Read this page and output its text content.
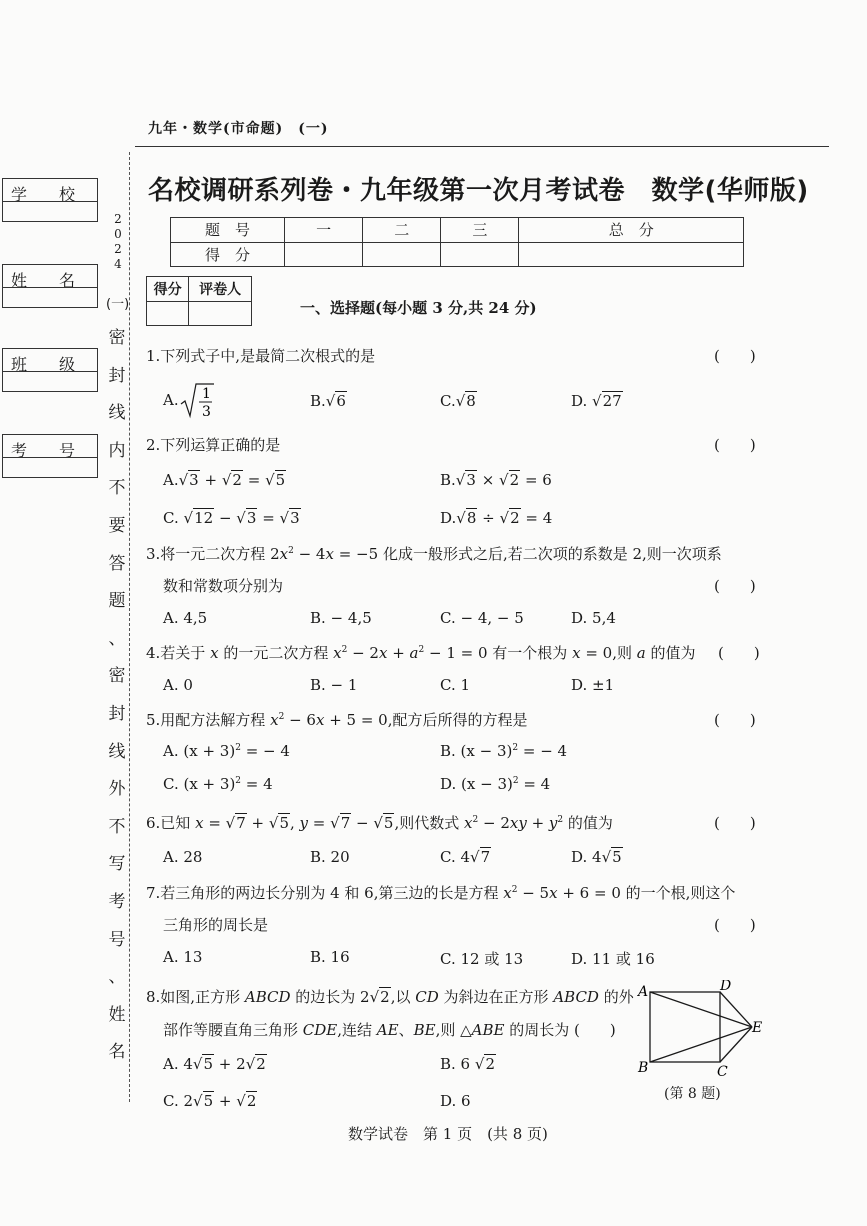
九年・数学(市命题)　(一)
学　　校
姓　　名
班　　级
考　　号
2
0
2
4
(一)
密
封
线
内
不
要
答
题
、
密
封
线
外
不
写
考
号
、
姓
名
名校调研系列卷・九年级第一次月考试卷　数学(华师版)
题　号	一	二	三	总　分
得　分				
得分	评卷人

一、选择题(每小题 3 分,共 24 分)
1.下列式子中,是最简二次根式的是	(　　)
A. 1
3
B.√6	C.√8	D. √27
2.下列运算正确的是	(　　)
A.√3 + √2 = √5	B.√3 × √2 = 6
C. √12 − √3 = √3	D.√8 ÷ √2 = 4
3.将一元二次方程 $2x^2 - 4x = -5$ 化成一般形式之后,若二次项的系数是 2,则一次项系
数和常数项分别为	(　　)
A. 4,5	B. − 4,5	C. − 4, − 5	D. 5,4
4.若关于 x 的一元二次方程 $x^2 - 2x + a^2 - 1 = 0$ 有一个根为 x = 0,则 a 的值为 (　　)
A. 0	B. − 1	C. 1	D. ±1
5.用配方法解方程 $x^2 - 6x + 5 = 0$,配方后所得的方程是	(　　)
A. $(x + 3)^2$ = − 4	B. $(x - 3)^2$ = − 4
C. $(x + 3)^2 = 4$	D. $(x - 3)^2 = 4$
6.已知 x = √7 + √5, y = √7 − √5,则代数式 $x^2 - 2xy + y^2$ 的值为	(　　)
A. 28	B. 20	C. 4√7	D. 4√5
7.若三角形的两边长分别为 4 和 6,第三边的长是方程 $x^2 - 5x + 6 = 0$ 的一个根,则这个
三角形的周长是	(　　)
A. 13	B. 16	C. 12 或 13	D. 11 或 16
8.如图,正方形 ABCD 的边长为 2√2,以 CD 为斜边在正方形 ABCD 的外
部作等腰直角三角形 CDE,连结 AE、BE,则 △ABE 的周长为 (　　)
A. 4√5 + 2√2	B. 6 √2
C. 2√5 + √2	D. 6
A	D
E
B	C
(第 8 题)
数学试卷　第 1 页　(共 8 页)
